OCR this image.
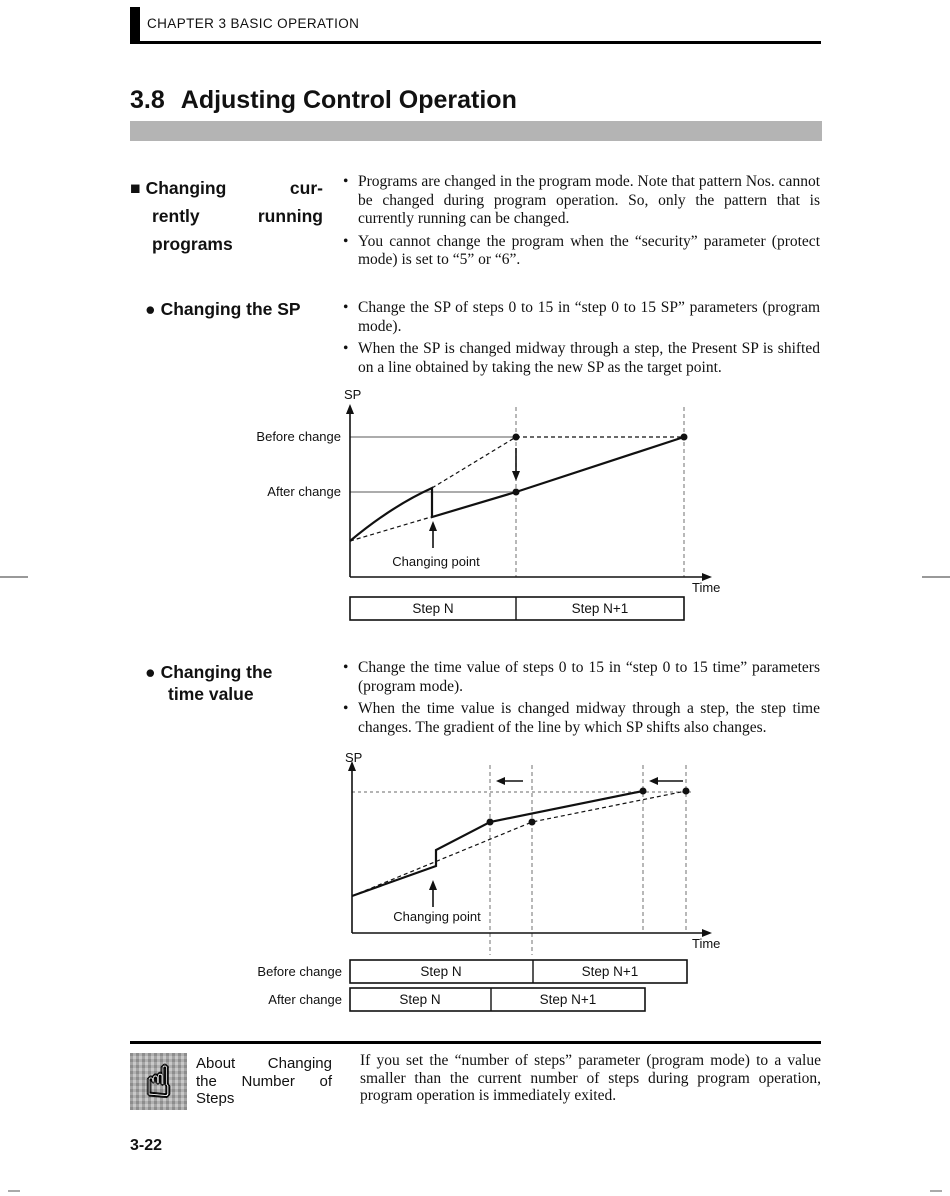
CHAPTER 3 BASIC OPERATION
3.8 Adjusting Control Operation
■ Changing cur-
rently running
programs
• Programs are changed in the program mode. Note that pattern Nos. cannot be changed during program operation. So, only the pattern that is currently running can be changed.
• You cannot change the program when the “security” parameter (protect mode) is set to “5” or “6”.
● Changing the SP	• Change the SP of steps 0 to 15 in “step 0 to 15 SP” parameters (program mode).
• When the SP is changed midway through a step, the Present SP is shifted on a line obtained by taking the new SP as the target point.
SP
Time
Before change
After change
Changing point
Step N	Step N+1
● Changing the
time value
• Change the time value of steps 0 to 15 in “step 0 to 15 time” parameters (program mode).
• When the time value is changed midway through a step, the step time changes. The gradient of the line by which SP shifts also changes.
SP
Time
Changing point
Before change	Step N	Step N+1
After change	Step N	Step N+1
☝	About Changing
the Number of
Steps
If you set the “number of steps” parameter (program mode) to a value smaller than the current number of steps during program operation, program operation is immediately exited.
3-22
